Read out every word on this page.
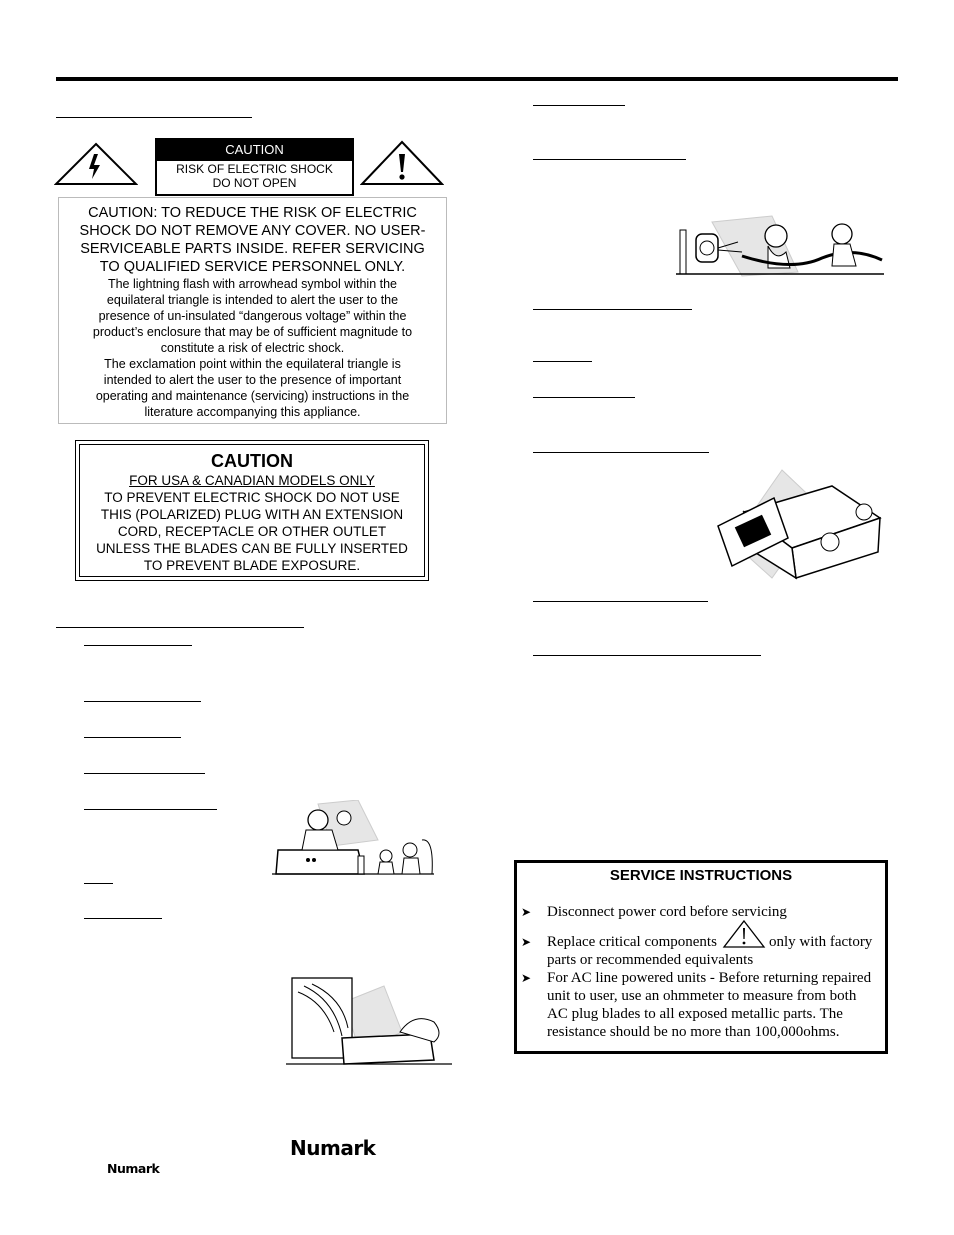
CAUTION
RISK OF ELECTRIC SHOCK
DO NOT OPEN
CAUTION: TO REDUCE THE RISK OF ELECTRIC
SHOCK DO NOT REMOVE ANY COVER. NO USER-
SERVICEABLE PARTS INSIDE. REFER SERVICING
TO QUALIFIED SERVICE PERSONNEL ONLY.
The lightning flash with arrowhead symbol within the
equilateral triangle is intended to alert the user to the
presence of un-insulated “dangerous voltage” within the
product’s enclosure that may be of sufficient magnitude to
constitute a risk of electric shock.
The exclamation point within the equilateral triangle is
intended to alert the user to the presence of important
operating and maintenance (servicing) instructions in the
literature accompanying this appliance.
CAUTION
FOR USA & CANADIAN MODELS ONLY
TO PREVENT ELECTRIC SHOCK DO NOT USE
THIS (POLARIZED) PLUG WITH AN EXTENSION
CORD, RECEPTACLE OR OTHER OUTLET
UNLESS THE BLADES CAN BE FULLY INSERTED
TO PREVENT BLADE EXPOSURE.
SERVICE INSTRUCTIONS
➤ Disconnect power cord before servicing
➤ Replace critical components	only with factory
parts or recommended equivalents
➤ For AC line powered units - Before returning repaired
unit to user, use an ohmmeter to measure from both
AC plug blades to all exposed metallic parts. The
resistance should be no more than 100,000ohms.
Numark
Numark
